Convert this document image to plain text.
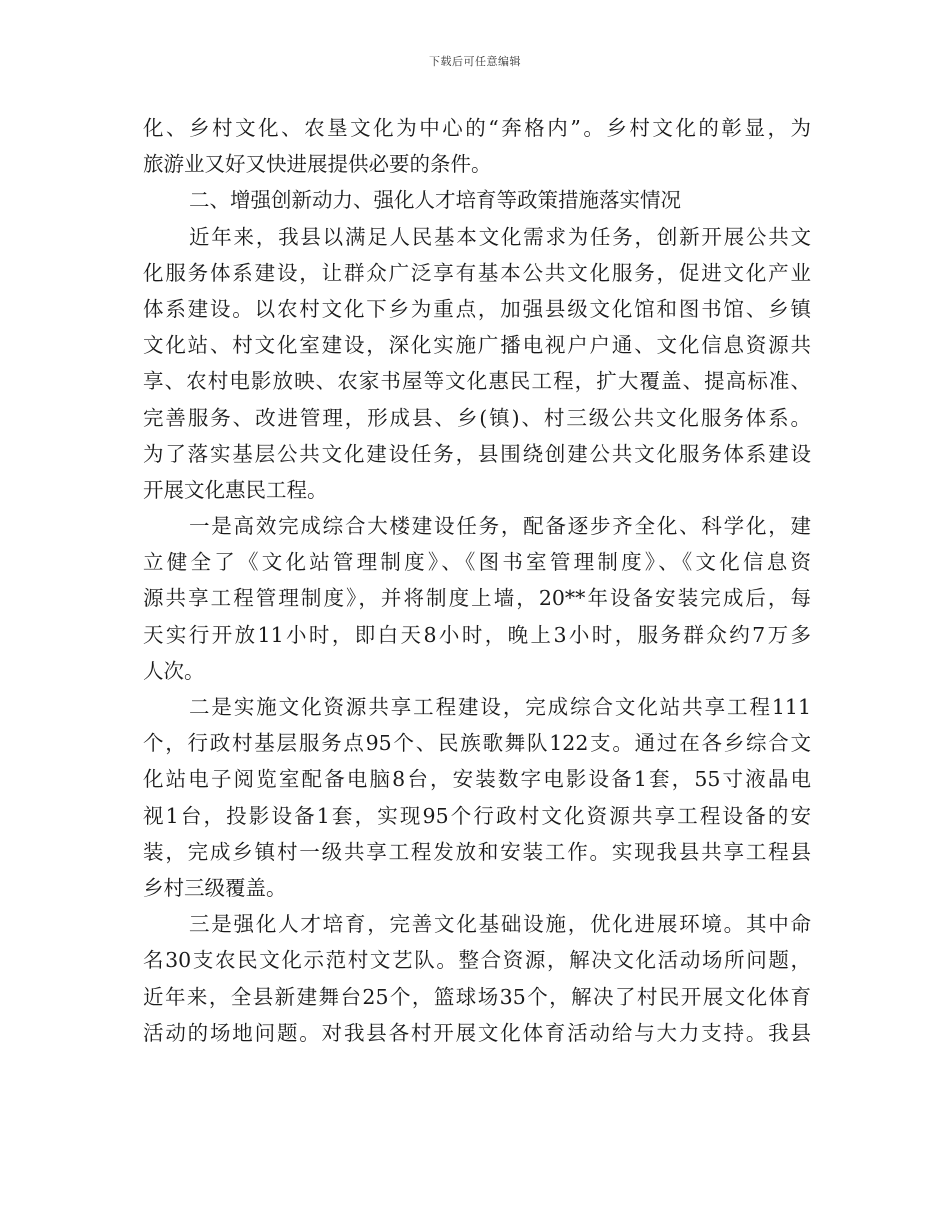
下载后可任意编辑
化、乡村文化、农垦文化为中心的“奔格内”。乡村文化的彰显，为
旅游业又好又快进展提供必要的条件。
二、增强创新动力、强化人才培育等政策措施落实情况
近年来，我县以满足人民基本文化需求为任务，创新开展公共文
化服务体系建设，让群众广泛享有基本公共文化服务，促进文化产业
体系建设。以农村文化下乡为重点，加强县级文化馆和图书馆、乡镇
文化站、村文化室建设，深化实施广播电视户户通、文化信息资源共
享、农村电影放映、农家书屋等文化惠民工程，扩大覆盖、提高标准、
完善服务、改进管理，形成县、乡(镇)、村三级公共文化服务体系。
为了落实基层公共文化建设任务，县围绕创建公共文化服务体系建设
开展文化惠民工程。
一是高效完成综合大楼建设任务，配备逐步齐全化、科学化，建
立健全了《文化站管理制度》、《图书室管理制度》、《文化信息资
源共享工程管理制度》，并将制度上墙，20**年设备安装完成后，每
天实行开放11小时，即白天8小时，晚上3小时，服务群众约7万多
人次。
二是实施文化资源共享工程建设，完成综合文化站共享工程111
个，行政村基层服务点95个、民族歌舞队122支。通过在各乡综合文
化站电子阅览室配备电脑8台，安装数字电影设备1套，55寸液晶电
视1台，投影设备1套，实现95个行政村文化资源共享工程设备的安
装，完成乡镇村一级共享工程发放和安装工作。实现我县共享工程县
乡村三级覆盖。
三是强化人才培育，完善文化基础设施，优化进展环境。其中命
名30支农民文化示范村文艺队。整合资源，解决文化活动场所问题，
近年来，全县新建舞台25个，篮球场35个，解决了村民开展文化体育
活动的场地问题。对我县各村开展文化体育活动给与大力支持。我县
